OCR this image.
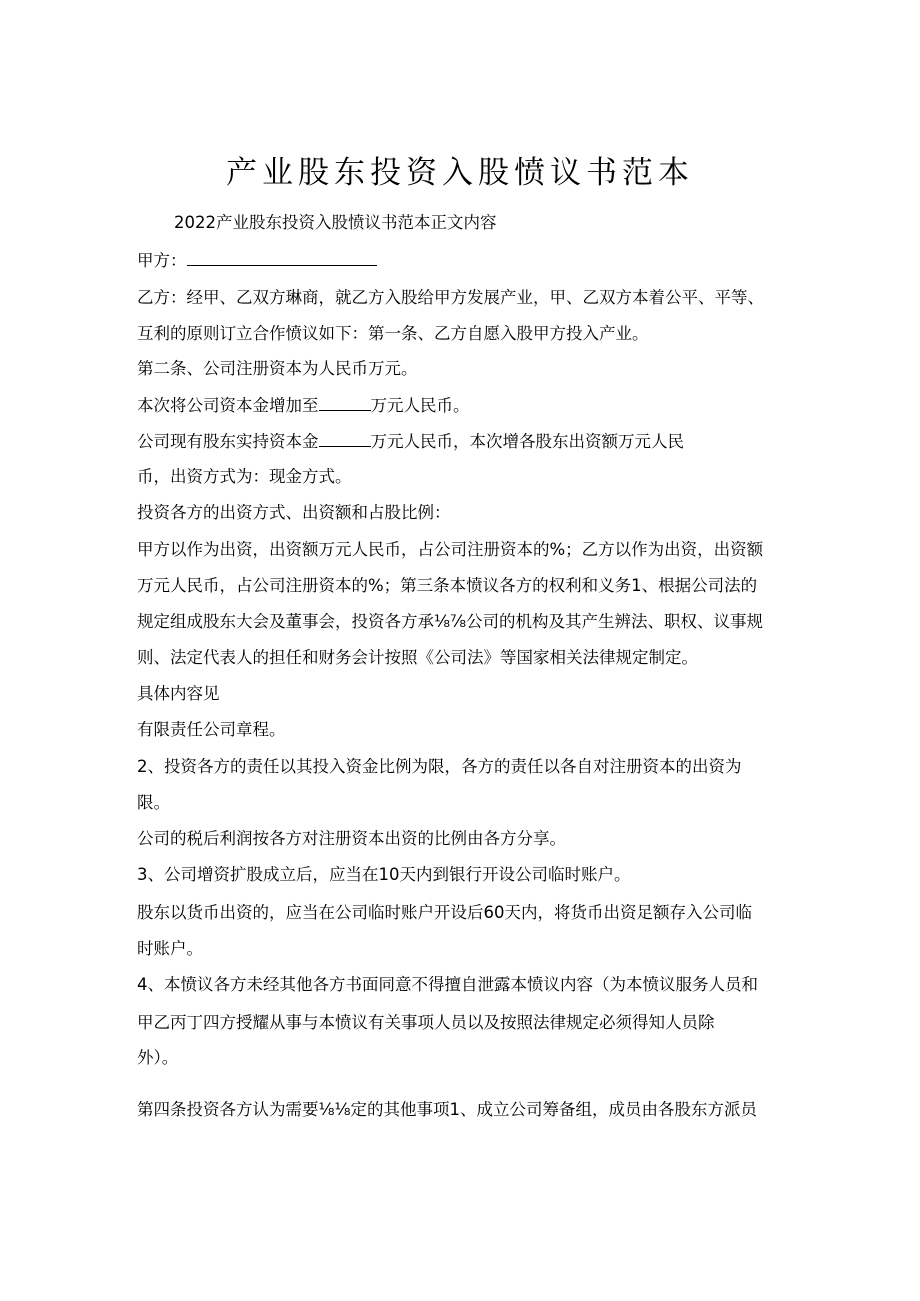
产业股东投资入股愤议书范本
2022产业股东投资入股愤议书范本正文内容
甲方：
乙方：经甲、乙双方琳商，就乙方入股给甲方发展产业，甲、乙双方本着公平、平等、
互利的原则订立合作愤议如下：第一条、乙方自愿入股甲方投入产业。
第二条、公司注册资本为人民币万元。
本次将公司资本金增加至	万元人民币。
公司现有股东实持资本金	万元人民币，本次增各股东出资额万元人民
币，出资方式为：现金方式。
投资各方的出资方式、出资额和占股比例：
甲方以作为出资，出资额万元人民币，占公司注册资本的%；乙方以作为出资，出资额
万元人民币，占公司注册资本的%；第三条本愤议各方的权利和义务1、根据公司法的
规定组成股东大会及董事会，投资各方承⅛⅞公司的机构及其产生辨法、职权、议事规
则、法定代表人的担任和财务会计按照《公司法》等国家相关法律规定制定。
具体内容见
有限责任公司章程。
2、投资各方的责任以其投入资金比例为限，各方的责任以各自对注册资本的出资为
限。
公司的税后利润按各方对注册资本出资的比例由各方分享。
3、公司增资扩股成立后，应当在10天内到银行开设公司临时账户。
股东以货币出资的，应当在公司临时账户开设后60天内，将货币出资足额存入公司临
时账户。
4、本愤议各方未经其他各方书面同意不得擅自泄露本愤议内容（为本愤议服务人员和
甲乙丙丁四方授耀从事与本愤议有关事项人员以及按照法律规定必须得知人员除
外）。
第四条投资各方认为需要⅛⅛定的其他事项1、成立公司筹备组，成员由各股东方派员
